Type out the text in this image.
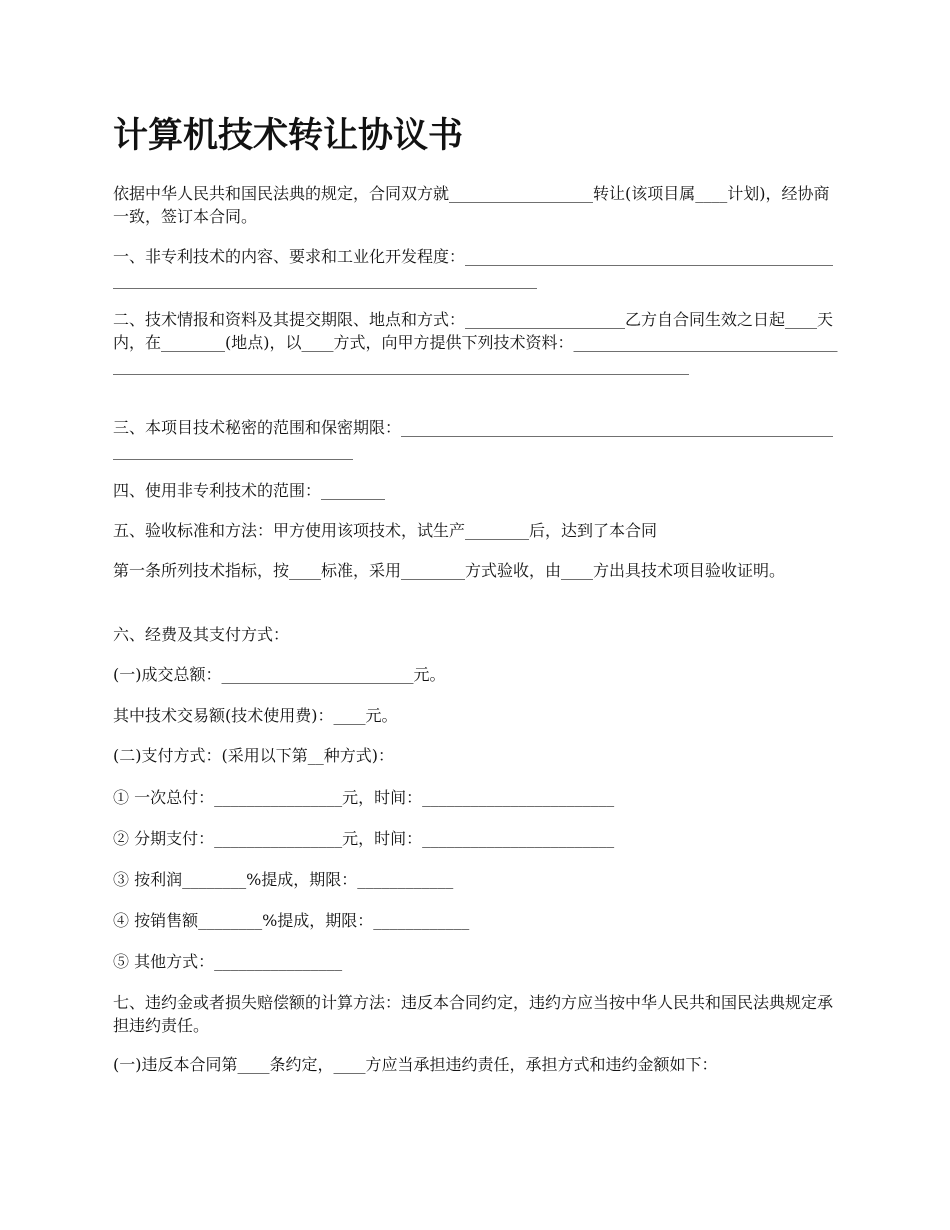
计算机技术转让协议书

依据中华人民共和国民法典的规定，合同双方就__________________转让(该项目属____计划)，经协商一致，签订本合同。

一、非专利技术的内容、要求和工业化开发程度：___________________________________________________________________________________________________

二、技术情报和资料及其提交期限、地点和方式：____________________乙方自合同生效之日起____天内，在________(地点)，以____方式，向甲方提供下列技术资料：_________________________________________________________________________________________________________

三、本项目技术秘密的范围和保密期限：____________________________________________________________________________________

四、使用非专利技术的范围：________

五、验收标准和方法：甲方使用该项技术，试生产________后，达到了本合同

第一条所列技术指标，按____标准，采用________方式验收，由____方出具技术项目验收证明。

六、经费及其支付方式：

(一)成交总额：________________________元。

其中技术交易额(技术使用费)：____元。

(二)支付方式：(采用以下第__种方式)：

① 一次总付：________________元，时间：________________________

② 分期支付：________________元，时间：________________________

③ 按利润________%提成，期限：____________

④ 按销售额________%提成，期限：____________

⑤ 其他方式：________________

七、违约金或者损失赔偿额的计算方法：违反本合同约定，违约方应当按中华人民共和国民法典规定承担违约责任。

(一)违反本合同第____条约定，____方应当承担违约责任，承担方式和违约金额如下：
